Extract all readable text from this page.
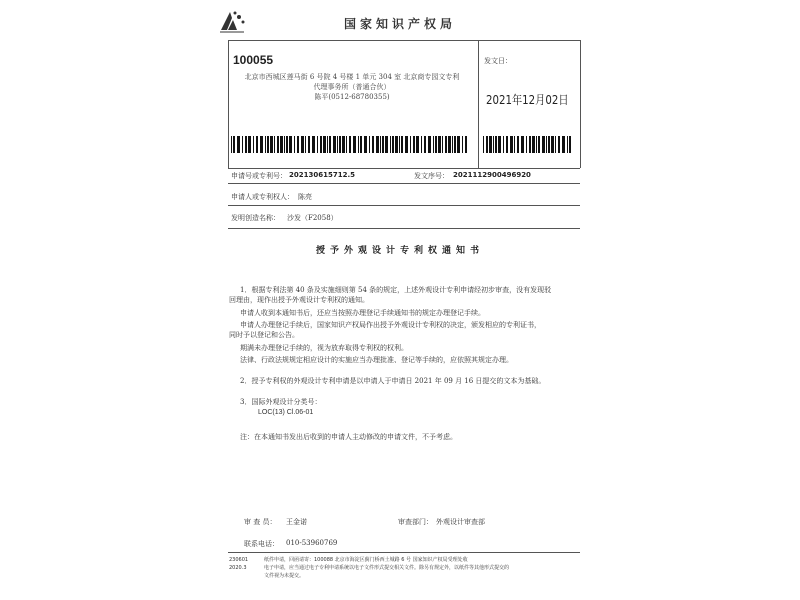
国家知识产权局
100055
北京市西城区莲马街 6 号院 4 号楼 1 单元 304 室 北京商专园文专利
代理事务所（普通合伙）
陈平(0512-68780355)
发文日：
2021年12月02日
申请号或专利号： 202130615712.5	发文序号： 2021112900496920
申请人或专利权人： 陈亮
发明创造名称： 沙发（F2058）
授予外观设计专利权通知书
1．根据专利法第 40 条及实施细则第 54 条的规定，上述外观设计专利申请经初步审查，没有发现驳
回理由，现作出授予外观设计专利权的通知。
申请人收到本通知书后，还应当按照办理登记手续通知书的规定办理登记手续。
申请人办理登记手续后，国家知识产权局作出授予外观设计专利权的决定，颁发相应的专利证书，
同时予以登记和公告。
期满未办理登记手续的，视为放弃取得专利权的权利。
法律、行政法规规定相应设计的实施应当办理批准、登记等手续的，应依照其规定办理。
2．授予专利权的外观设计专利申请是以申请人于申请日 2021 年 09 月 16 日提交的文本为基础。
3．国际外观设计分类号：
LOC(13) Cl.06-01
注：在本通知书发出后收到的申请人主动修改的申请文件，不予考虑。
审 查 员： 王金诺	审查部门： 外观设计审查部
联系电话： 010-53960769
230601
2020.3
纸件申请，回函请寄：100088 北京市海淀区蓟门桥西土城路 6 号 国家知识产权局受理处收
电子申请，应当通过电子专利申请系统以电子文件形式提交相关文件。除另有规定外，以纸件等其他形式提交的
文件视为未提交。
